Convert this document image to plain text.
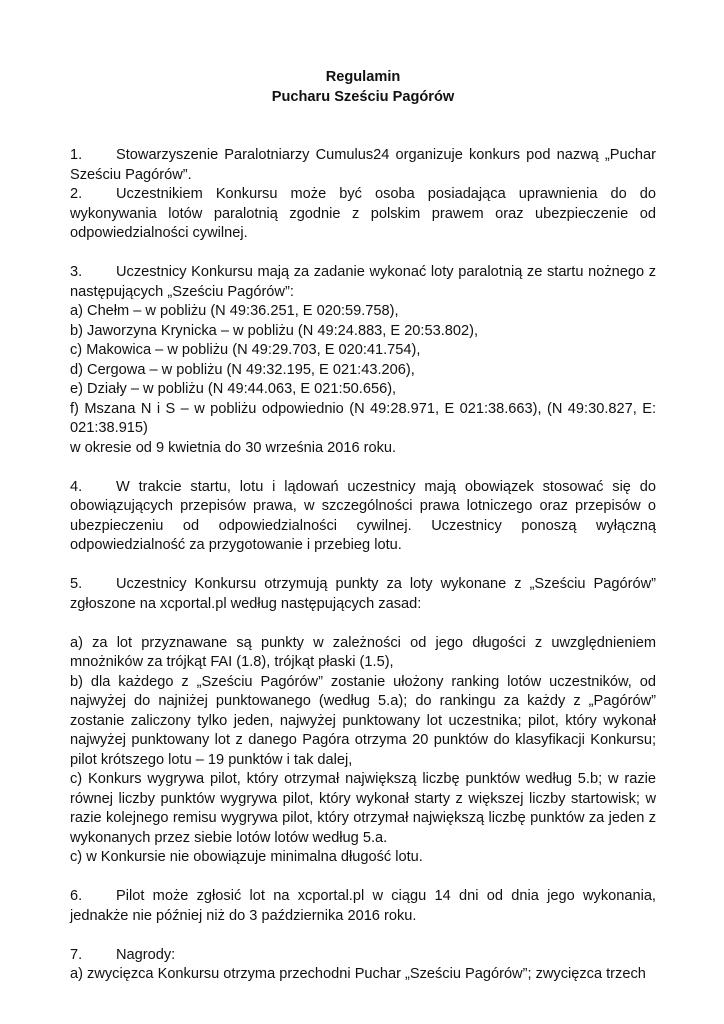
Regulamin

Pucharu Sześciu Pagórów

1. Stowarzyszenie Paralotniarzy Cumulus24 organizuje konkurs pod nazwą „Puchar Sześciu Pagórów”.

2. Uczestnikiem Konkursu może być osoba posiadająca uprawnienia do do wykonywania lotów paralotnią zgodnie z polskim prawem oraz ubezpieczenie od odpowiedzialności cywilnej.

3. Uczestnicy Konkursu mają za zadanie wykonać loty paralotnią ze startu nożnego z następujących „Sześciu Pagórów”:

a) Chełm – w pobliżu (N 49:36.251, E 020:59.758),

b) Jaworzyna Krynicka – w pobliżu (N 49:24.883, E 20:53.802),

c) Makowica – w pobliżu (N 49:29.703, E 020:41.754),

d) Cergowa – w pobliżu (N 49:32.195, E 021:43.206),

e) Działy – w pobliżu (N 49:44.063, E 021:50.656),

f) Mszana N i S – w pobliżu odpowiednio (N 49:28.971, E 021:38.663), (N 49:30.827, E: 021:38.915)

w okresie od 9 kwietnia do 30 września 2016 roku.

4. W trakcie startu, lotu i lądowań uczestnicy mają obowiązek stosować się do obowiązujących przepisów prawa, w szczególności prawa lotniczego oraz przepisów o ubezpieczeniu od odpowiedzialności cywilnej. Uczestnicy ponoszą wyłączną odpowiedzialność za przygotowanie i przebieg lotu.

5. Uczestnicy Konkursu otrzymują punkty za loty wykonane z „Sześciu Pagórów” zgłoszone na xcportal.pl według następujących zasad:

a) za lot przyznawane są punkty w zależności od jego długości z uwzględnieniem mnożników za trójkąt FAI (1.8), trójkąt płaski (1.5),

b) dla każdego z „Sześciu Pagórów” zostanie ułożony ranking lotów uczestników, od najwyżej do najniżej punktowanego (według 5.a); do rankingu za każdy z „Pagórów” zostanie zaliczony tylko jeden, najwyżej punktowany lot uczestnika; pilot, który wykonał najwyżej punktowany lot z danego Pagóra otrzyma 20 punktów do klasyfikacji Konkursu; pilot krótszego lotu – 19 punktów i tak dalej,

c) Konkurs wygrywa pilot, który otrzymał największą liczbę punktów według 5.b; w razie równej liczby punktów wygrywa pilot, który wykonał starty z większej liczby startowisk; w razie kolejnego remisu wygrywa pilot, który otrzymał największą liczbę punktów za jeden z wykonanych przez siebie lotów lotów według 5.a.

c) w Konkursie nie obowiązuje minimalna długość lotu.

6. Pilot może zgłosić lot na xcportal.pl w ciągu 14 dni od dnia jego wykonania, jednakże nie później niż do 3 października 2016 roku.

7. Nagrody:

a) zwycięzca Konkursu otrzyma przechodni Puchar „Sześciu Pagórów”; zwycięzca trzech
